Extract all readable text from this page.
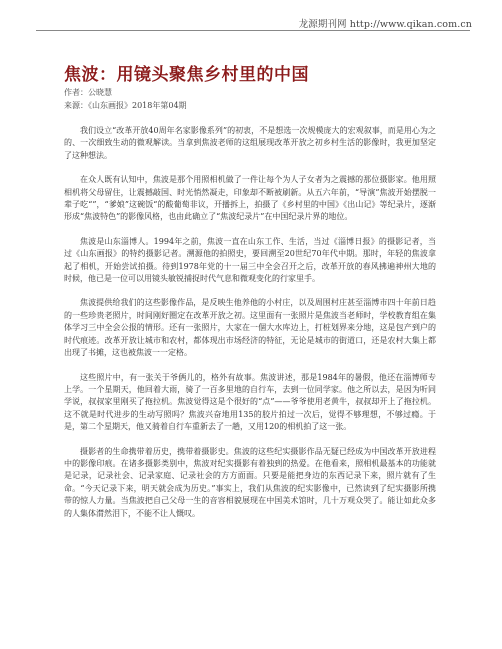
龙源期刊网 http://www.qikan.com.cn
焦波：用镜头聚焦乡村里的中国
作者：公晓慧
来源：《山东画报》2018年第04期

我们设立“改革开放40周年名家影像系列”的初衷，不是想选一次规模庞大的宏观叙事，而是用心为之的、一次细致生动的微观解读。当拿到焦波老师的这组展现改革开放之初乡村生活的影像时，我更加坚定了这种想法。

在众人既有认知中，焦波是那个用照相机做了一件让每个为人子女者为之震撼的那位摄影家。他用照相机将父母留住，让震撼敲国、时光悄然凝走，印象却不断被刷新。从五六年前，“导演”焦波开始摆脱一辈子吃“”，“爹娘”这碗饭“的酸葡萄非议，开播拆上，拍摄了《乡村里的中国》《出山记》等纪录片，逐渐形成“焦波特色”的影像风格，也由此确立了“焦波纪录片”在中国纪录片界的地位。

焦波是山东淄博人。1994年之前，焦波一直在山东工作、生活，当过《淄博日报》的摄影记者，当过《山东画报》的特约摄影记者。溯源他的拍照史，要回溯至20世纪70年代中期。那时，年轻的焦波拿起了相机，开始尝试拍摄。待到1978年党的十一届三中全会召开之后，改革开放的春风拂遍神州大地的时候，他已是一位可以用镜头敏锐捕捉时代气息和微观变化的行家里手。

焦波提供给我们的这些影像作品，是反映生他养他的小村庄，以及周围村庄甚至淄博市四十年前日趋的一些珍贵老照片，时间刚好圈定在改革开放之初。这里面有一张照片是焦波当老师时，学校教育组在集体学习三中全会公报的情形。还有一张照片，大家在一個大水库边上，打桩划界来分地，这是包产到户的时代痕迹。改革开放让城市和农村，都体现出市场经济的特征，无论是城市的街道口，还是农村大集上都出现了书摊，这也被焦波一一定格。

这些照片中，有一张关于爷俩儿的，格外有故事。焦波讲述，那是1984年的暑假，他还在淄博师专上学。一个星期天，他回着大雨，骑了一百多里地的自行车，去到一位同学家。他之所以去，是因为听同学说，叔叔家里刚买了拖拉机。焦波觉得这是个很好的“点”——爷爷使用老黄牛，叔叔却开上了拖拉机。这不就是时代进步的生动写照吗？焦波兴奋地用135的胶片拍过一次后，觉得不够理想，不够过瘾。于是，第二个星期天，他又骑着自行车重新去了一趟，又用120的相机拍了这一张。

摄影者的生命携带着历史，携带着摄影史。焦波的这些纪实摄影作品无疑已经成为中国改革开放进程中的影像印痕。在诸多摄影类别中，焦波对纪实摄影有着独到的热爱。在他看来，照相机最基本的功能就是记录，记录社会、记录家庭、记录社会的方方面面。只要是能把身边的东西记录下来，照片就有了生命。“今天记录下来，明天就会成为历史。”事实上，我们从焦波的纪实影像中，已然读到了纪实摄影所携带的惊人力量。当焦波把自己父母一生的音容相貌展现在中国美术馆时，几十万观众哭了。能让如此众多的人集体潸然泪下，不能不让人慨叹。
